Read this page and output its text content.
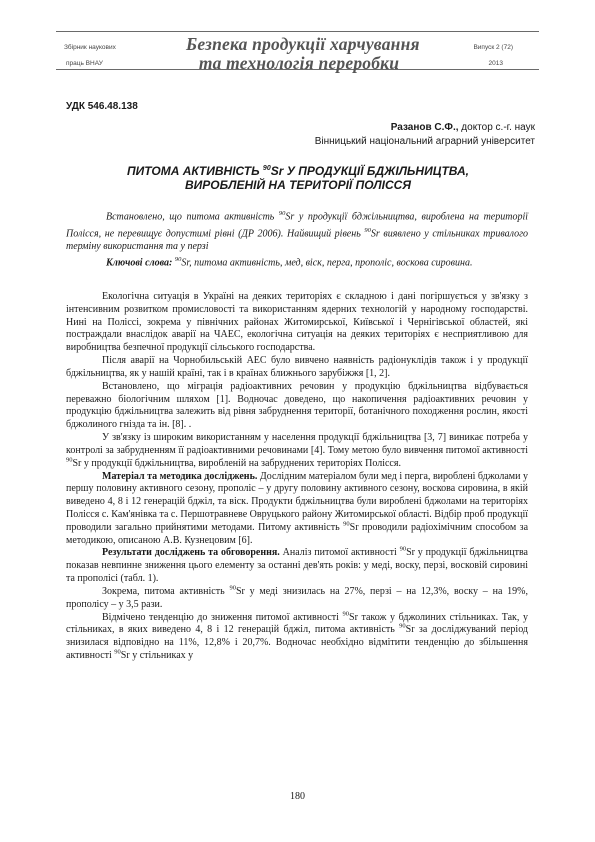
Збірник наукових
праць ВНАУ
Безпека продукції харчування
та технологія переробки
Випуск 2 (72)
2013
УДК 546.48.138
Разанов С.Ф., доктор с.-г. наук
Вінницький національний аграрний університет
ПИТОМА АКТИВНІСТЬ $^{90}$Sr У ПРОДУКЦІЇ БДЖІЛЬНИЦТВА,
ВИРОБЛЕНІЙ НА ТЕРИТОРІЇ ПОЛІССЯ

Встановлено, що питома активність $^{90}$Sr у продукції бджільництва, вироблена на території Полісся, не перевищує допустимі рівні (ДР 2006). Найвищий рівень $^{90}$Sr виявлено у стільниках тривалого терміну використання та у перзі

Ключові слова: $^{90}$Sr, питома активність, мед, віск, перга, прополіс, воскова сировина.

Екологічна ситуація в Україні на деяких територіях є складною і дані погіршується у зв'язку з інтенсивним розвитком промисловості та використанням ядерних технологій у народному господарстві. Нині на Поліссі, зокрема у північних районах Житомирської, Київської і Чернігівської областей, які постраждали внаслідок аварії на ЧАЕС, екологічна ситуація на деяких територіях є несприятливою для виробництва безпечної продукції сільського господарства.

Після аварії на Чорнобильській АЕС було вивчено наявність радіонуклідів також і у продукції бджільництва, як у нашій країні, так і в країнах ближнього зарубіжжя [1, 2].

Встановлено, що міграція радіоактивних речовин у продукцію бджільництва відбувається переважно біологічним шляхом [1]. Водночас доведено, що накопичення радіоактивних речовин у продукцію бджільництва залежить від рівня забруднення території, ботанічного походження рослин, якості бджолиного гнізда та ін. [8]. .

У зв'язку із широким використанням у населення продукції бджільництва [3, 7] виникає потреба у контролі за забрудненням її радіоактивними речовинами [4]. Тому метою було вивчення питомої активності $^{90}$Sr у продукції бджільництва, виробленій на забруднених територіях Полісся.

Матеріал та методика досліджень. Дослідним матеріалом були мед і перга, вироблені бджолами у першу половину активного сезону, прополіс – у другу половину активного сезону, воскова сировина, в якій виведено 4, 8 і 12 генерацій бджіл, та віск. Продукти бджільництва були вироблені бджолами на територіях Полісся с. Кам'янівка та с. Першотравневе Овруцького району Житомирської області. Відбір проб продукції проводили загально прийнятими методами. Питому активність $^{90}$Sr проводили радіохімічним способом за методикою, описаною А.В. Кузнецовим [6].

Результати досліджень та обговорення. Аналіз питомої активності $^{90}$Sr у продукції бджільництва показав невпинне зниження цього елементу за останні дев'ять років: у меді, воску, перзі, восковій сировині та прополісі (табл. 1).

Зокрема, питома активність $^{90}$Sr у меді знизилась на 27%, перзі – на 12,3%, воску – на 19%, прополісу – у 3,5 рази.

Відмічено тенденцію до зниження питомої активності $^{90}$Sr також у бджолиних стільниках. Так, у стільниках, в яких виведено 4, 8 і 12 генерацій бджіл, питома активність $^{90}$Sr за досліджуваний період знизилася відповідно на 11%, 12,8% і 20,7%. Водночас необхідно відмітити тенденцію до збільшення активності $^{90}$Sr у стільниках у

180
